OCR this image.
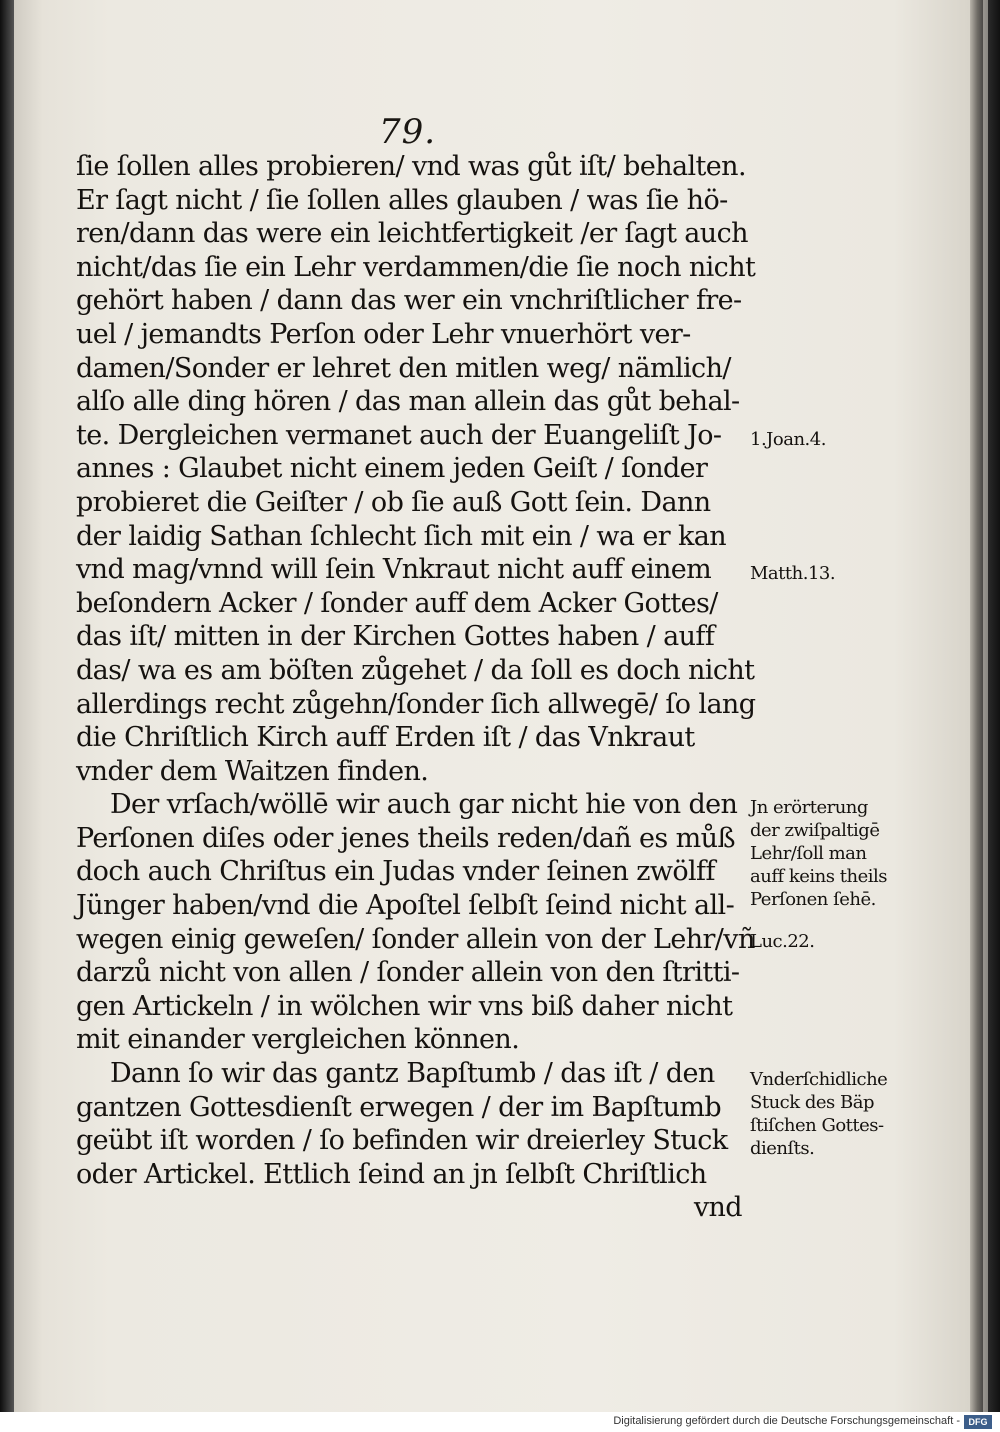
79.
ſie ſollen alles probieren/ vnd was gůt iſt/ behalten.
Er ſagt nicht / ſie ſollen alles glauben / was ſie hö-
ren/dann das were ein leichtfertigkeit /er ſagt auch
nicht/das ſie ein Lehr verdammen/die ſie noch nicht
gehört haben / dann das wer ein vnchriſtlicher fre-
uel / jemandts Perſon oder Lehr vnuerhört ver-
damen/Sonder er lehret den mitlen weg/ nämlich/
alſo alle ding hören / das man allein das gůt behal-
te. Dergleichen vermanet auch der Euangeliſt Jo-
annes : Glaubet nicht einem jeden Geiſt / ſonder
probieret die Geiſter / ob ſie auß Gott ſein. Dann
der laidig Sathan ſchlecht ſich mit ein / wa er kan
vnd mag/vnnd will ſein Vnkraut nicht auff einem
beſondern Acker / ſonder auff dem Acker Gottes/
das iſt/ mitten in der Kirchen Gottes haben / auff
das/ wa es am böſten zůgehet / da ſoll es doch nicht
allerdings recht zůgehn/ſonder ſich allwegē/ ſo lang
die Chriſtlich Kirch auff Erden iſt / das Vnkraut
vnder dem Waitzen finden.
Der vrſach/wöllē wir auch gar nicht hie von den
Perſonen diſes oder jenes theils reden/dañ es můß
doch auch Chriſtus ein Judas vnder ſeinen zwölff
Jünger haben/vnd die Apoſtel ſelbſt ſeind nicht all-
wegen einig geweſen/ ſonder allein von der Lehr/vñ
darzů nicht von allen / ſonder allein von den ſtritti-
gen Artickeln / in wölchen wir vns biß daher nicht
mit einander vergleichen können.
Dann ſo wir das gantz Bapſtumb / das iſt / den
gantzen Gottesdienſt erwegen / der im Bapſtumb
geübt iſt worden / ſo befinden wir dreierley Stuck
oder Artickel. Ettlich ſeind an jn ſelbſt Chriſtlich
vnd
1.Joan.4.
Matth.13.
Jn erörterung
der zwiſpaltigē
Lehr/ſoll man
auff keins theils
Perſonen ſehē.
Luc.22.
Vnderſchidliche
Stuck des Bäp
ſtiſchen Gottes-
dienſts.
Digitalisierung gefördert durch die Deutsche Forschungsgemeinschaft - DFG
